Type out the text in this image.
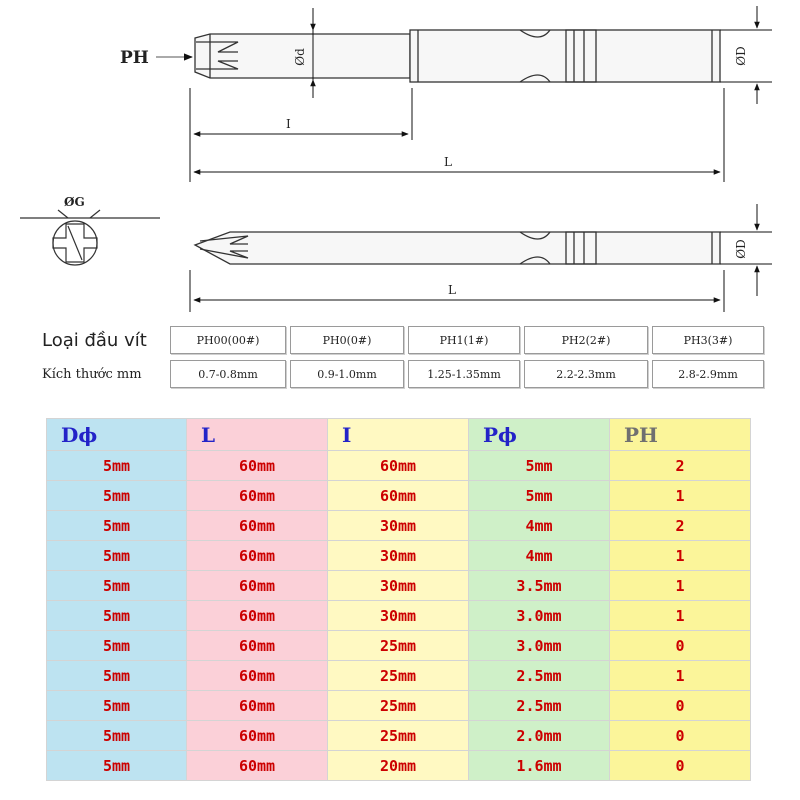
Ød	ØD
PH
I
L
ØG
ØD
L
Loại đầu vít	PH00(00#)	PH0(0#)	PH1(1#)	PH2(2#)	PH3(3#)
Kích thước mm	0.7-0.8mm	0.9-1.0mm	1.25-1.35mm	2.2-2.3mm	2.8-2.9mm
Dϕ	L	I	Pϕ	PH
5mm	60mm	60mm	5mm	2
5mm	60mm	60mm	5mm	1
5mm	60mm	30mm	4mm	2
5mm	60mm	30mm	4mm	1
5mm	60mm	30mm	3.5mm	1
5mm	60mm	30mm	3.0mm	1
5mm	60mm	25mm	3.0mm	0
5mm	60mm	25mm	2.5mm	1
5mm	60mm	25mm	2.5mm	0
5mm	60mm	25mm	2.0mm	0
5mm	60mm	20mm	1.6mm	0
